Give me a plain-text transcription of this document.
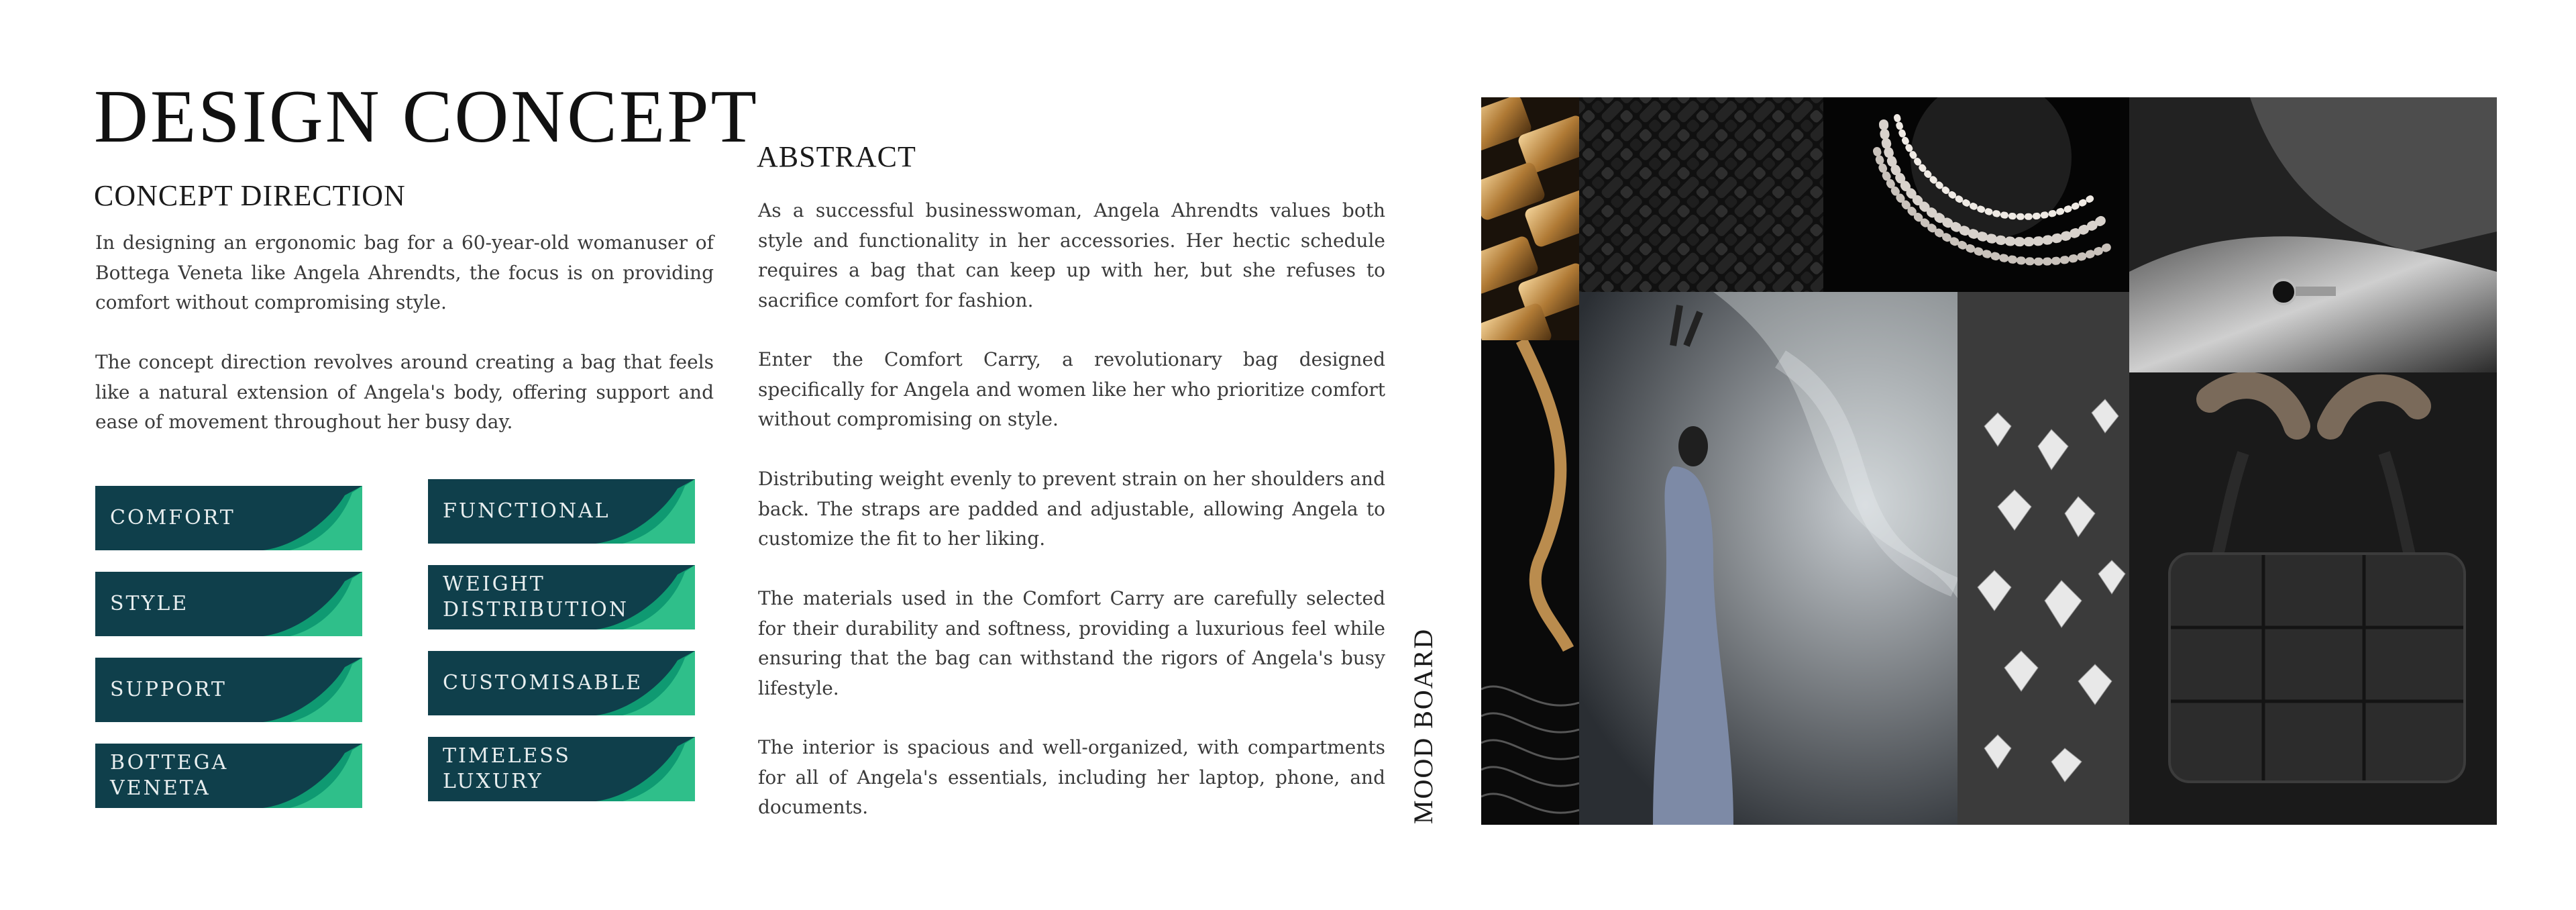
DESIGN CONCEPT
CONCEPT DIRECTION

In designing an ergonomic bag for a 60-year-old womanuser of Bottega Veneta like Angela Ahrendts, the focus is on providing comfort without compromising style.

The concept direction revolves around creating a bag that feels like a natural extension of Angela's body, offering support and ease of movement throughout her busy day.

COMFORT	FUNCTIONAL
STYLE
WEIGHT DISTRIBUTION
SUPPORT	CUSTOMISABLE
BOTTEGA VENETA
TIMELESS LUXURY
ABSTRACT

As a successful businesswoman, Angela Ahrendts values both style and functionality in her accessories. Her hectic schedule requires a bag that can keep up with her, but she refuses to sacrifice comfort for fashion.

Enter the Comfort Carry, a revolutionary bag designed specifically for Angela and women like her who prioritize comfort without compromising on style.

Distributing weight evenly to prevent strain on her shoulders and back. The straps are padded and adjustable, allowing Angela to customize the fit to her liking.

The materials used in the Comfort Carry are carefully selected for their durability and softness, providing a luxurious feel while ensuring that the bag can withstand the rigors of Angela's busy lifestyle.

The interior is spacious and well-organized, with compartments for all of Angela's essentials, including her laptop, phone, and documents.	MOOD BOARD
